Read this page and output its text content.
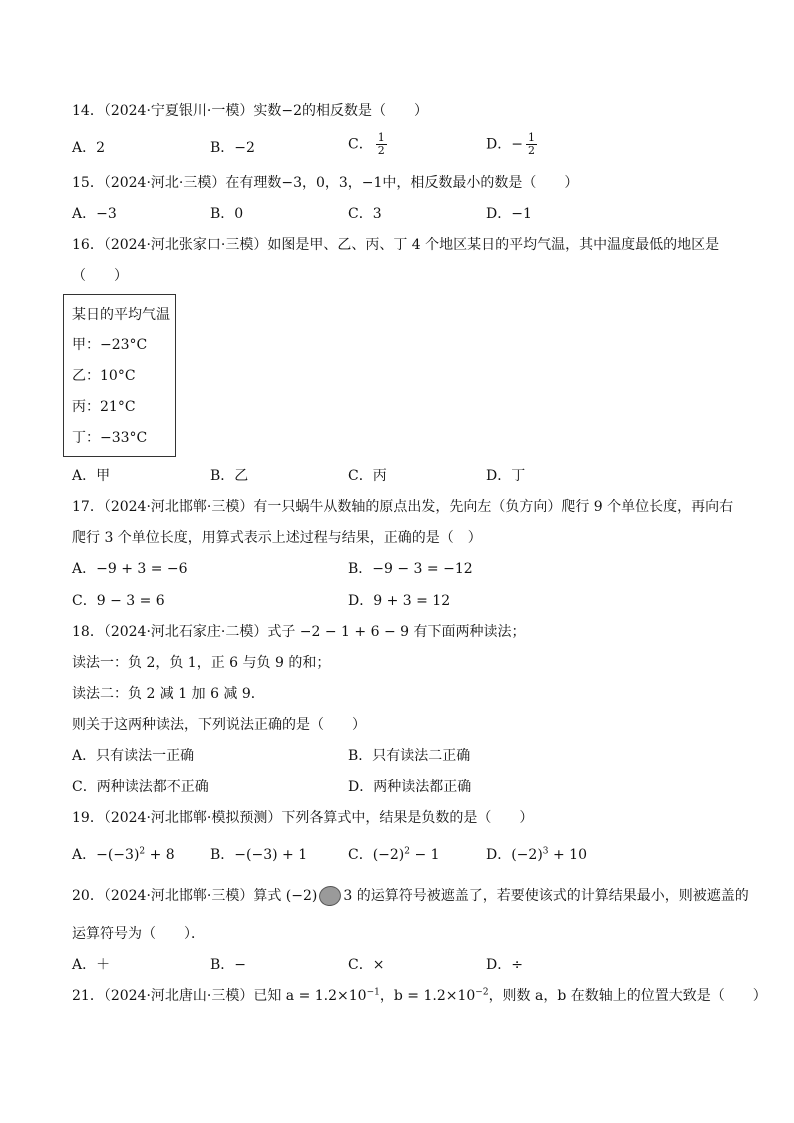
14．（2024·宁夏银川·一模）实数−2的相反数是（　　）
A．2	B．−2	C． $\frac{1}{2}$	D．− $\frac{1}{2}$
15．（2024·河北·三模）在有理数−3，0，3，−1中，相反数最小的数是（　　）
A．−3	B．0	C．3	D．−1
16．（2024·河北张家口·三模）如图是甲、乙、丙、丁 4 个地区某日的平均气温，其中温度最低的地区是
（　　）
某日的平均气温
甲：−23°C
乙：10°C
丙：21°C
丁：−33°C
A．甲	B．乙	C．丙	D．丁
17．（2024·河北邯郸·三模）有一只蜗牛从数轴的原点出发，先向左（负方向）爬行 9 个单位长度，再向右
爬行 3 个单位长度，用算式表示上述过程与结果，正确的是（　）
A．−9 + 3 = −6	B．−9 − 3 = −12
C．9 − 3 = 6	D．9 + 3 = 12
18．（2024·河北石家庄·二模）式子 −2 − 1 + 6 − 9 有下面两种读法；
读法一：负 2，负 1，正 6 与负 9 的和；
读法二：负 2 减 1 加 6 减 9．
则关于这两种读法，下列说法正确的是（　　）
A．只有读法一正确	B．只有读法二正确
C．两种读法都不正确	D．两种读法都正确
19．（2024·河北邯郸·模拟预测）下列各算式中，结果是负数的是（　　）
A．$-(-3)^2 + 8$	B．−(−3) + 1	C．$(-2)^2 - 1$	D．$(-2)^3 + 10$
20．（2024·河北邯郸·三模）算式 (−2) 3 的运算符号被遮盖了，若要使该式的计算结果最小，则被遮盖的
运算符号为（　　）．
A．＋	B．−	C．×	D．÷
21．（2024·河北唐山·三模）已知 $a = 1.2\times 10^{-1}$，$b = 1.2\times 10^{-2}$，则数 a，b 在数轴上的位置大致是（　　）
